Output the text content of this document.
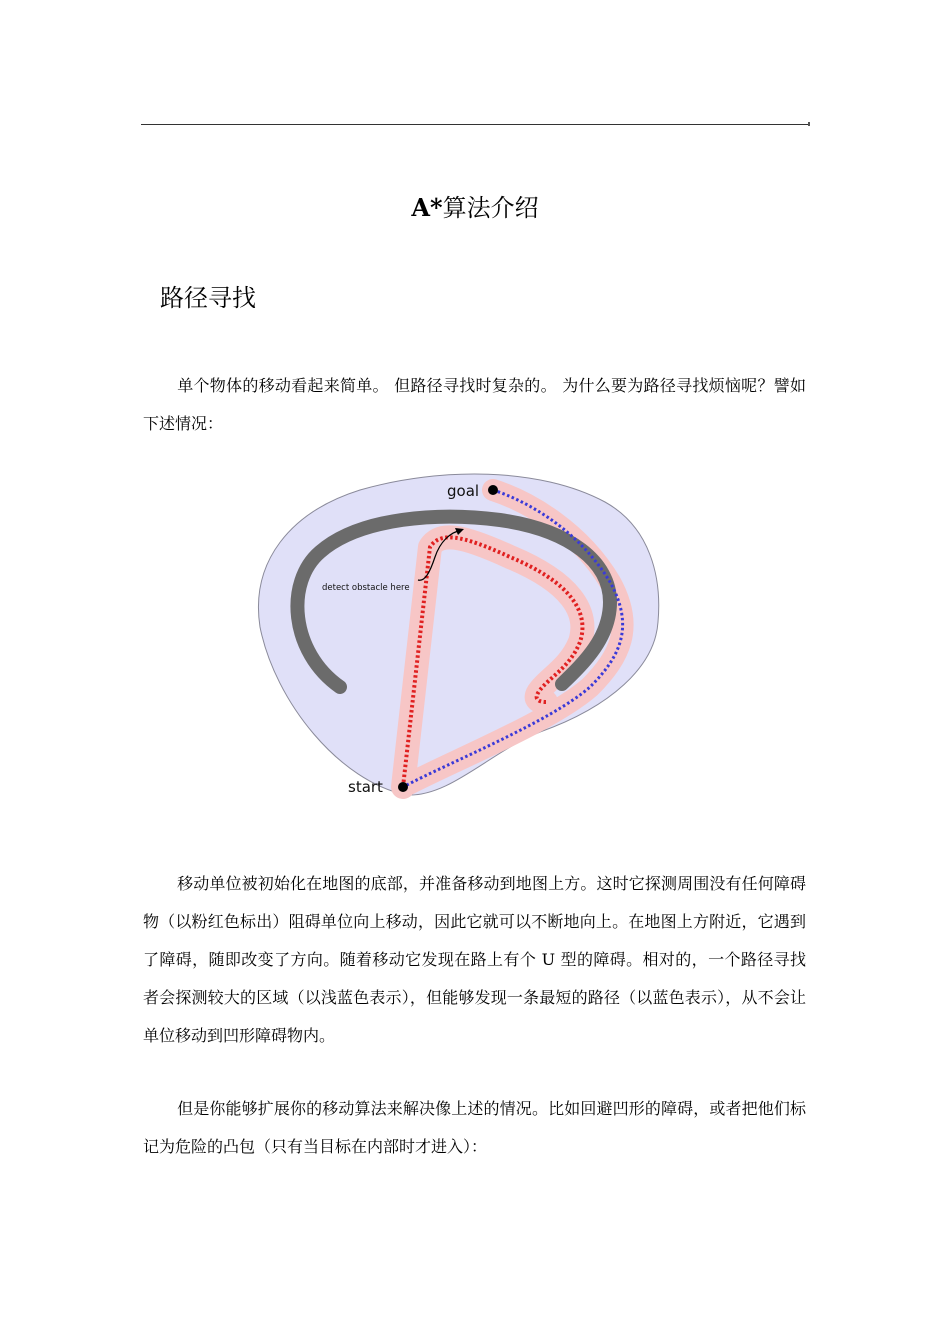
A*算法介绍
路径寻找

单个物体的移动看起来简单。 但路径寻找时复杂的。 为什么要为路径寻找烦恼呢？譬如下述情况：

goal
start
detect obstacle here

移动单位被初始化在地图的底部，并准备移动到地图上方。这时它探测周围没有任何障碍物（以粉红色标出）阻碍单位向上移动，因此它就可以不断地向上。在地图上方附近，它遇到了障碍，随即改变了方向。随着移动它发现在路上有个 U 型的障碍。相对的，一个路径寻找者会探测较大的区域（以浅蓝色表示），但能够发现一条最短的路径（以蓝色表示），从不会让单位移动到凹形障碍物内。

但是你能够扩展你的移动算法来解决像上述的情况。比如回避凹形的障碍，或者把他们标记为危险的凸包（只有当目标在内部时才进入）：
